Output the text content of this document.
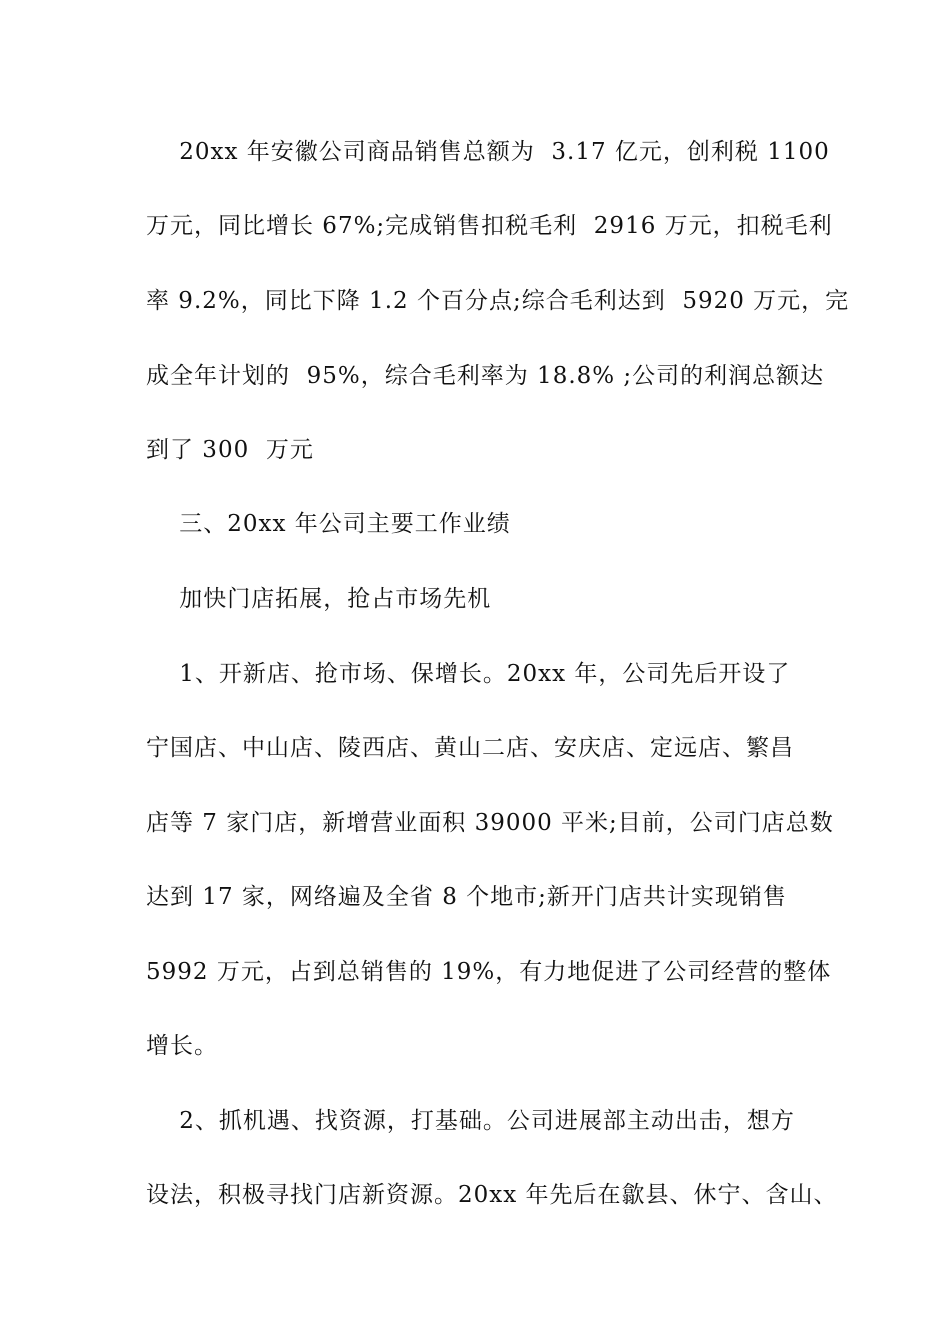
20xx 年安徽公司商品销售总额为  3.17 亿元，创利税 1100
万元，同比增长 67%;完成销售扣税毛利  2916 万元，扣税毛利
率 9.2%，同比下降 1.2 个百分点;综合毛利达到  5920 万元，完
成全年计划的  95%，综合毛利率为 18.8% ;公司的利润总额达
到了 300  万元
三、20xx 年公司主要工作业绩
加快门店拓展，抢占市场先机
1、开新店、抢市场、保增长。20xx 年，公司先后开设了
宁国店、中山店、陵西店、黄山二店、安庆店、定远店、繁昌
店等 7 家门店，新增营业面积 39000 平米;目前，公司门店总数
达到 17 家，网络遍及全省 8 个地市;新开门店共计实现销售
5992 万元，占到总销售的 19%，有力地促进了公司经营的整体
增长。
2、抓机遇、找资源，打基础。公司进展部主动出击，想方
设法，积极寻找门店新资源。20xx 年先后在歙县、休宁、含山、
